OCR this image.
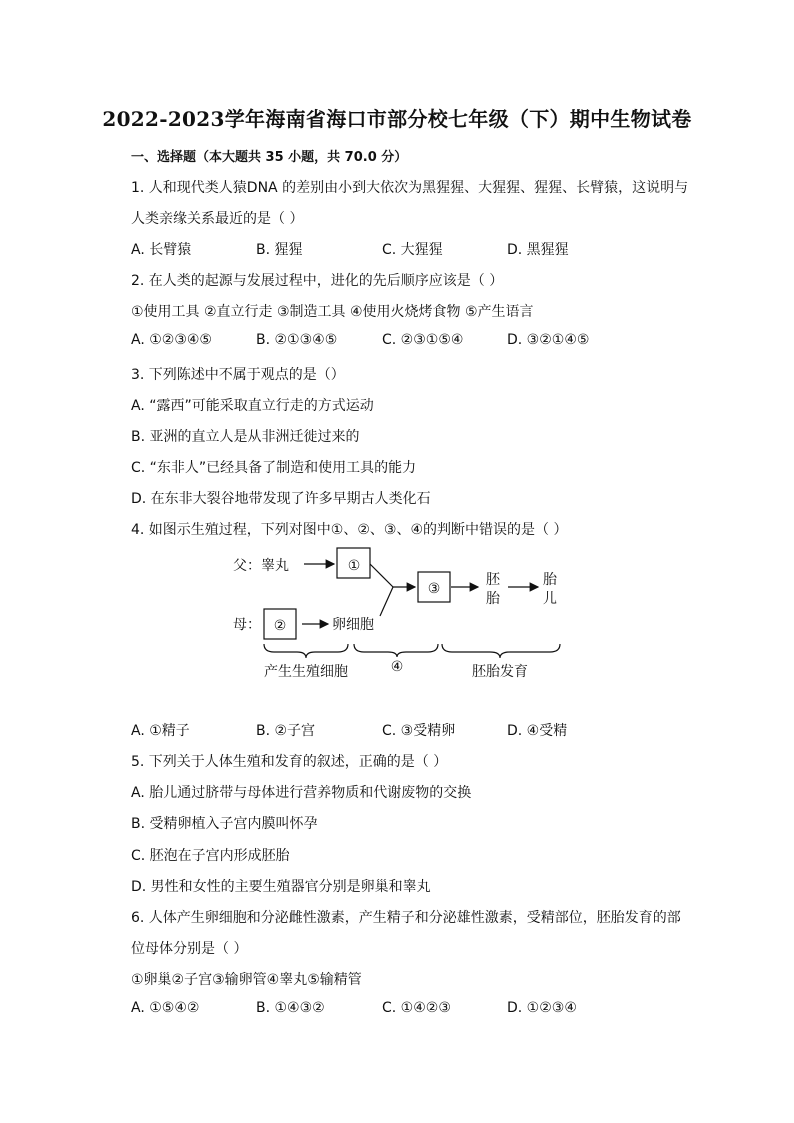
2022-2023学年海南省海口市部分校七年级（下）期中生物试卷
一、选择题（本大题共 35 小题，共 70.0 分）
1. 人和现代类人猿DNA 的差别由小到大依次为黑猩猩、大猩猩、猩猩、长臂猿，这说明与
人类亲缘关系最近的是（ ）
A. 长臂猿	B. 猩猩	C. 大猩猩	D. 黑猩猩
2. 在人类的起源与发展过程中，进化的先后顺序应该是（ ）
①使用工具 ②直立行走 ③制造工具 ④使用火烧烤食物 ⑤产生语言
A. ①②③④⑤	B. ②①③④⑤	C. ②③①⑤④	D. ③②①④⑤
3. 下列陈述中不属于观点的是（）
A. “露西”可能采取直立行走的方式运动
B. 亚洲的直立人是从非洲迁徙过来的
C. “东非人”已经具备了制造和使用工具的能力
D. 在东非大裂谷地带发现了许多早期古人类化石
4. 如图示生殖过程，下列对图中①、②、③、④的判断中错误的是（ ）
父：睾丸
母：
①
②
③
卵细胞
胚
胎
胎
儿
产生生殖细胞	④	胚胎发育
A. ①精子	B. ②子宫	C. ③受精卵	D. ④受精
5. 下列关于人体生殖和发育的叙述，正确的是（ ）
A. 胎儿通过脐带与母体进行营养物质和代谢废物的交换
B. 受精卵植入子宫内膜叫怀孕
C. 胚泡在子宫内形成胚胎
D. 男性和女性的主要生殖器官分别是卵巢和睾丸
6. 人体产生卵细胞和分泌雌性激素，产生精子和分泌雄性激素，受精部位，胚胎发育的部
位母体分别是（ ）
①卵巢②子宫③输卵管④睾丸⑤输精管
A. ①⑤④②	B. ①④③②	C. ①④②③	D. ①②③④
